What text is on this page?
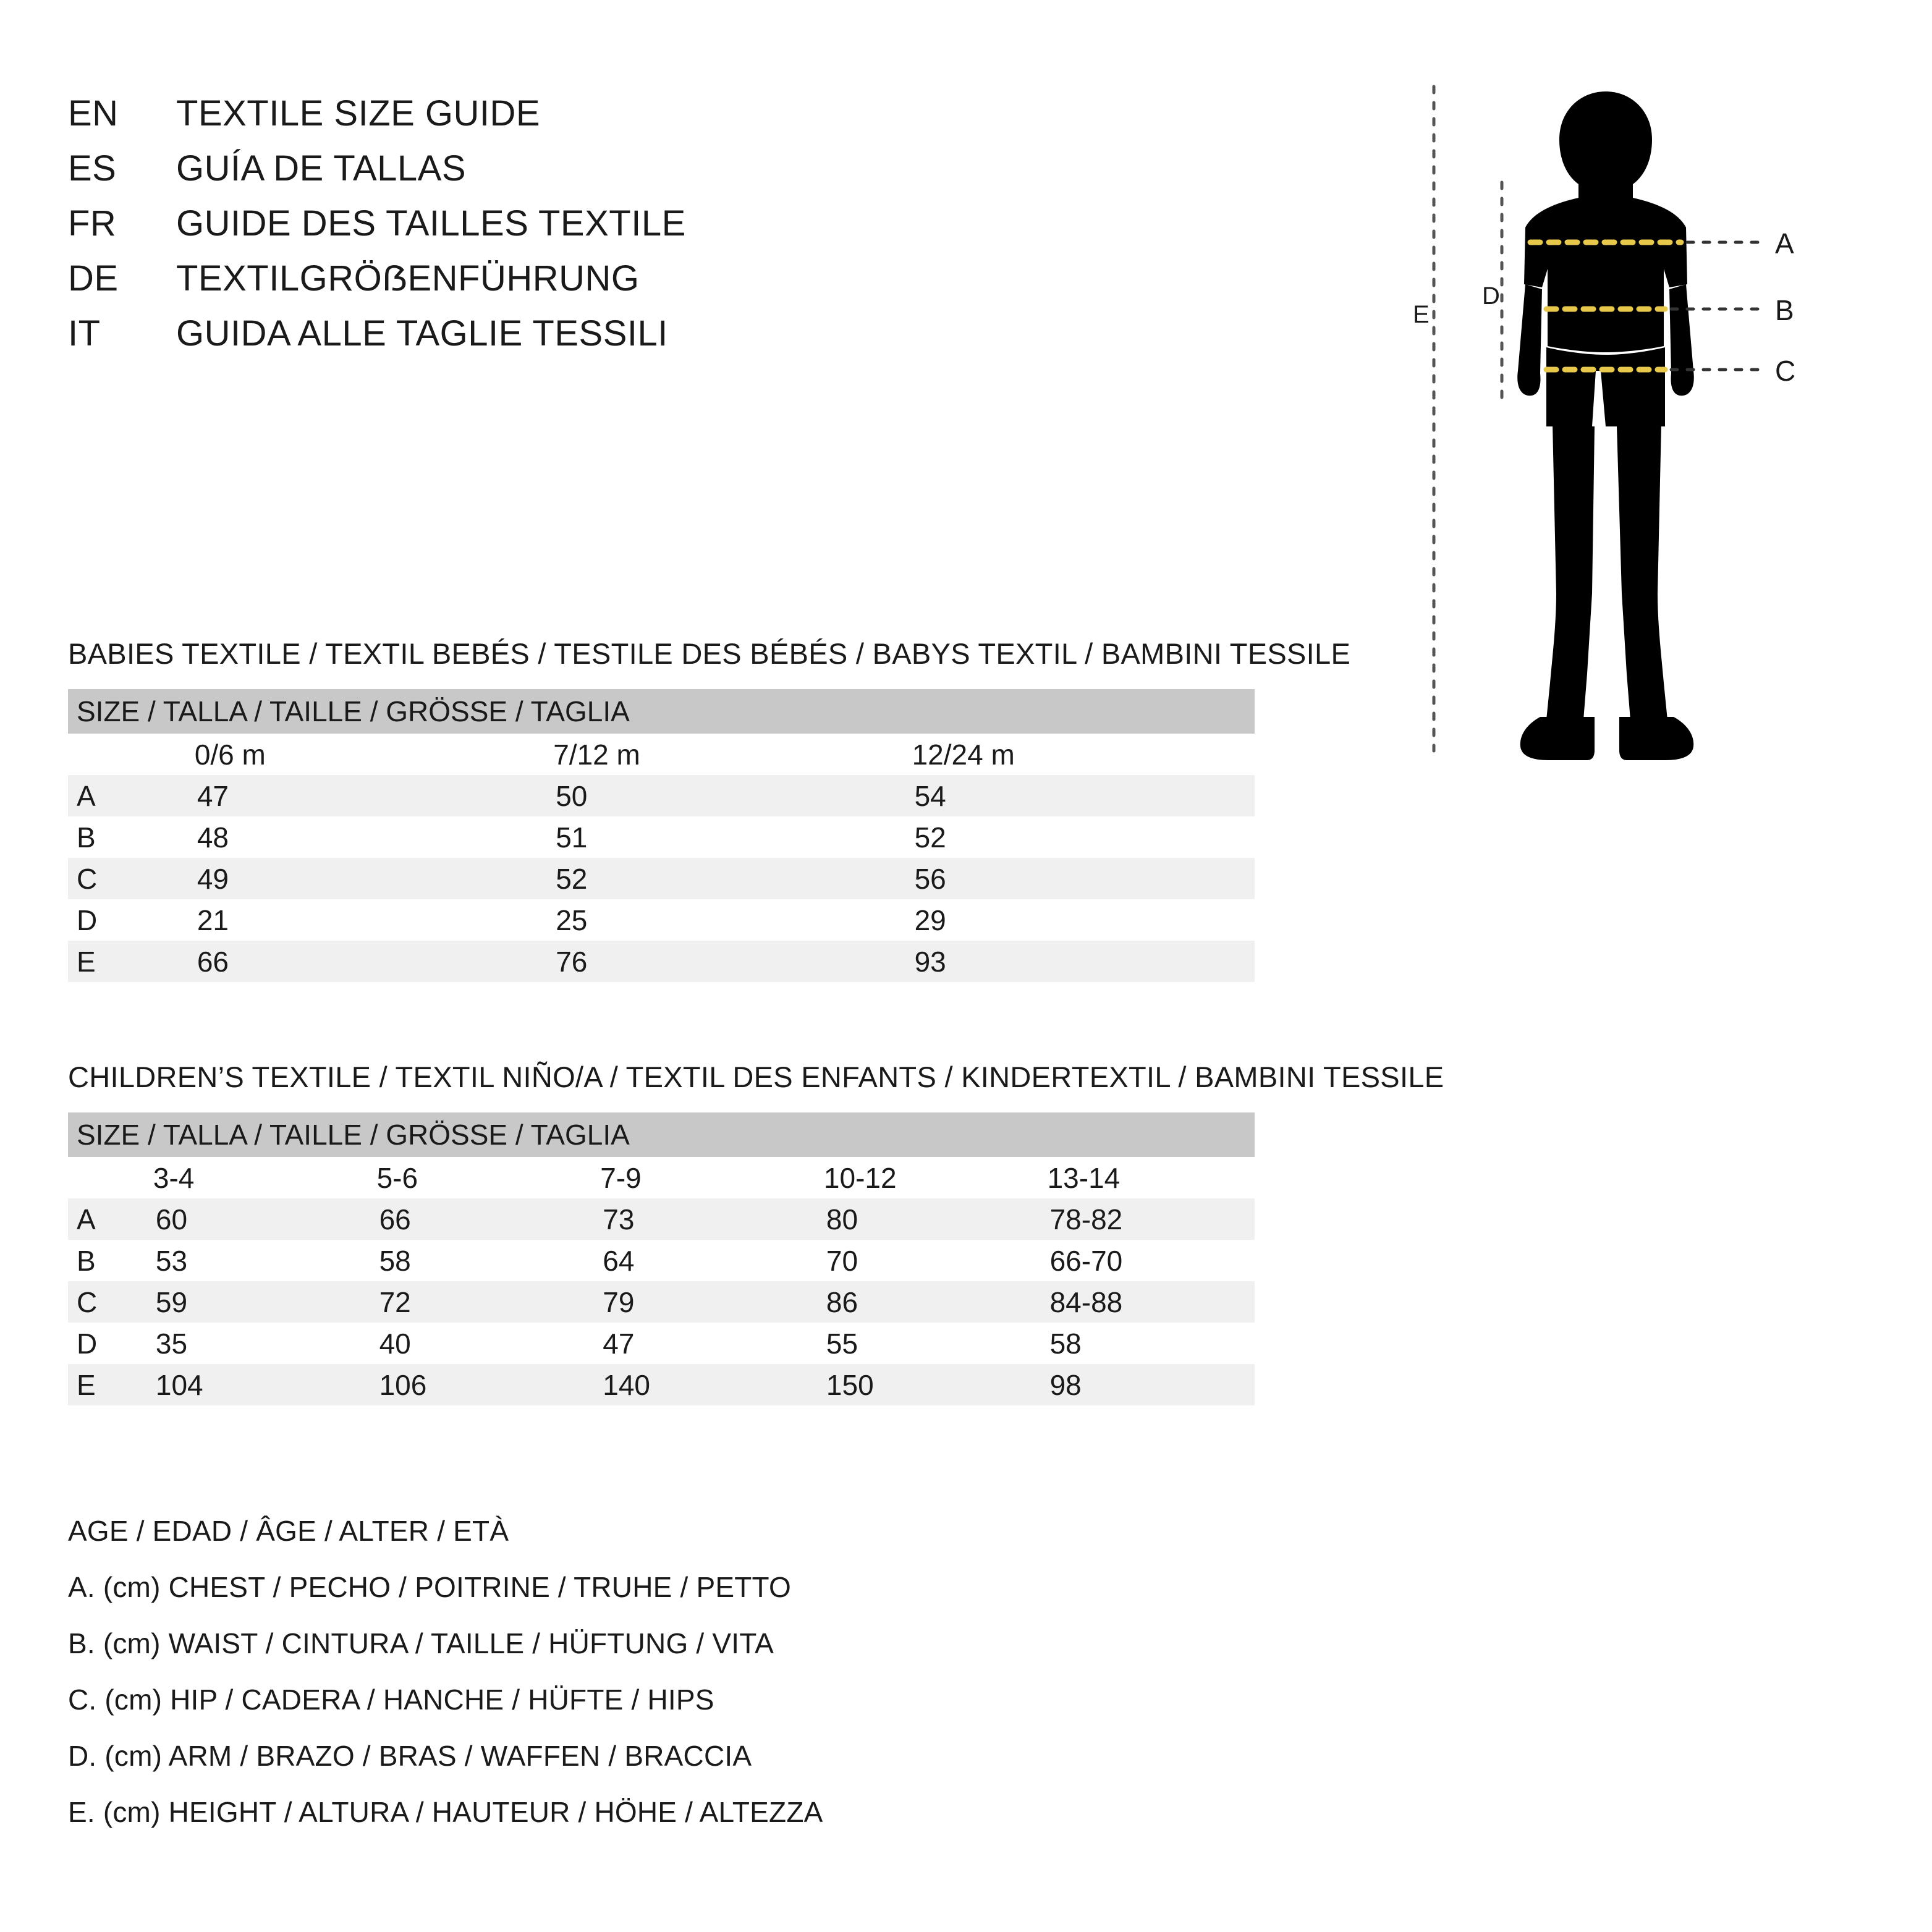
EN	TEXTILE SIZE GUIDE
ES	GUÍA DE TALLAS
FR	GUIDE DES TAILLES TEXTILE
DE	TEXTILGRÖẞENFÜHRUNG
IT	GUIDA ALLE TAGLIE TESSILI
A
B
C
D
E
BABIES TEXTILE / TEXTIL BEBÉS / TESTILE DES BÉBÉS / BABYS TEXTIL / BAMBINI TESSILE
SIZE / TALLA / TAILLE / GRÖSSE / TAGLIA			
	0/6 m	7/12 m	12/24 m
A	47	50	54
B	48	51	52
C	49	52	56
D	21	25	29
E	66	76	93
CHILDREN’S TEXTILE / TEXTIL NIÑO/A / TEXTIL DES ENFANTS / KINDERTEXTIL / BAMBINI TESSILE
SIZE / TALLA / TAILLE / GRÖSSE / TAGLIA					
	3-4	5-6	7-9	10-12	13-14
A	60	66	73	80	78-82
B	53	58	64	70	66-70
C	59	72	79	86	84-88
D	35	40	47	55	58
E	104	106	140	150	98
AGE / EDAD / ÂGE / ALTER / ETÀ
A. (cm) CHEST / PECHO / POITRINE / TRUHE / PETTO
B. (cm) WAIST / CINTURA / TAILLE / HÜFTUNG / VITA
C. (cm) HIP / CADERA / HANCHE / HÜFTE / HIPS
D. (cm) ARM / BRAZO / BRAS / WAFFEN / BRACCIA
E. (cm) HEIGHT / ALTURA / HAUTEUR / HÖHE / ALTEZZA
